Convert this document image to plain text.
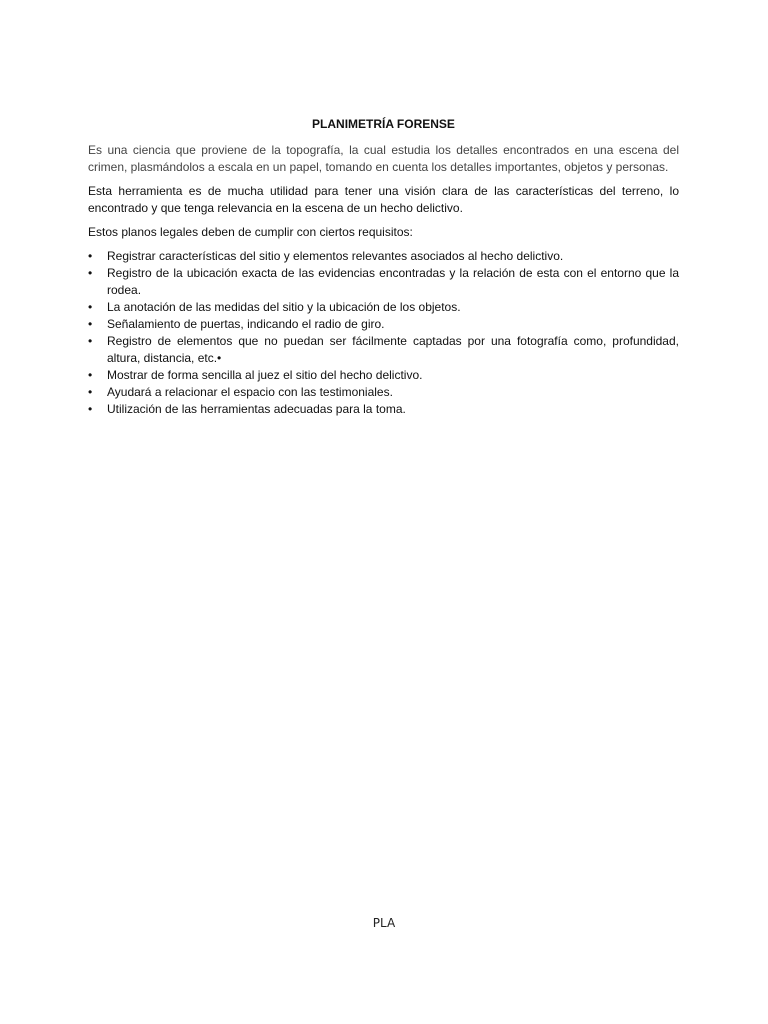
PLANIMETRÍA FORENSE

Es una ciencia que proviene de la topografía, la cual estudia los detalles encontrados en una escena del crimen, plasmándolos a escala en un papel, tomando en cuenta los detalles importantes, objetos y personas.

Esta herramienta es de mucha utilidad para tener una visión clara de las características del terreno, lo encontrado y que tenga relevancia en la escena de un hecho delictivo.

Estos planos legales deben de cumplir con ciertos requisitos:

•	Registrar características del sitio y elementos relevantes asociados al hecho delictivo.
•	Registro de la ubicación exacta de las evidencias encontradas y la relación de esta con el entorno que la rodea.
•	La anotación de las medidas del sitio y la ubicación de los objetos.
•	Señalamiento de puertas, indicando el radio de giro.
•	Registro de elementos que no puedan ser fácilmente captadas por una fotografía como, profundidad, altura, distancia, etc.•
•	Mostrar de forma sencilla al juez el sitio del hecho delictivo.
•	Ayudará a relacionar el espacio con las testimoniales.
•	Utilización de las herramientas adecuadas para la toma.
PLA
